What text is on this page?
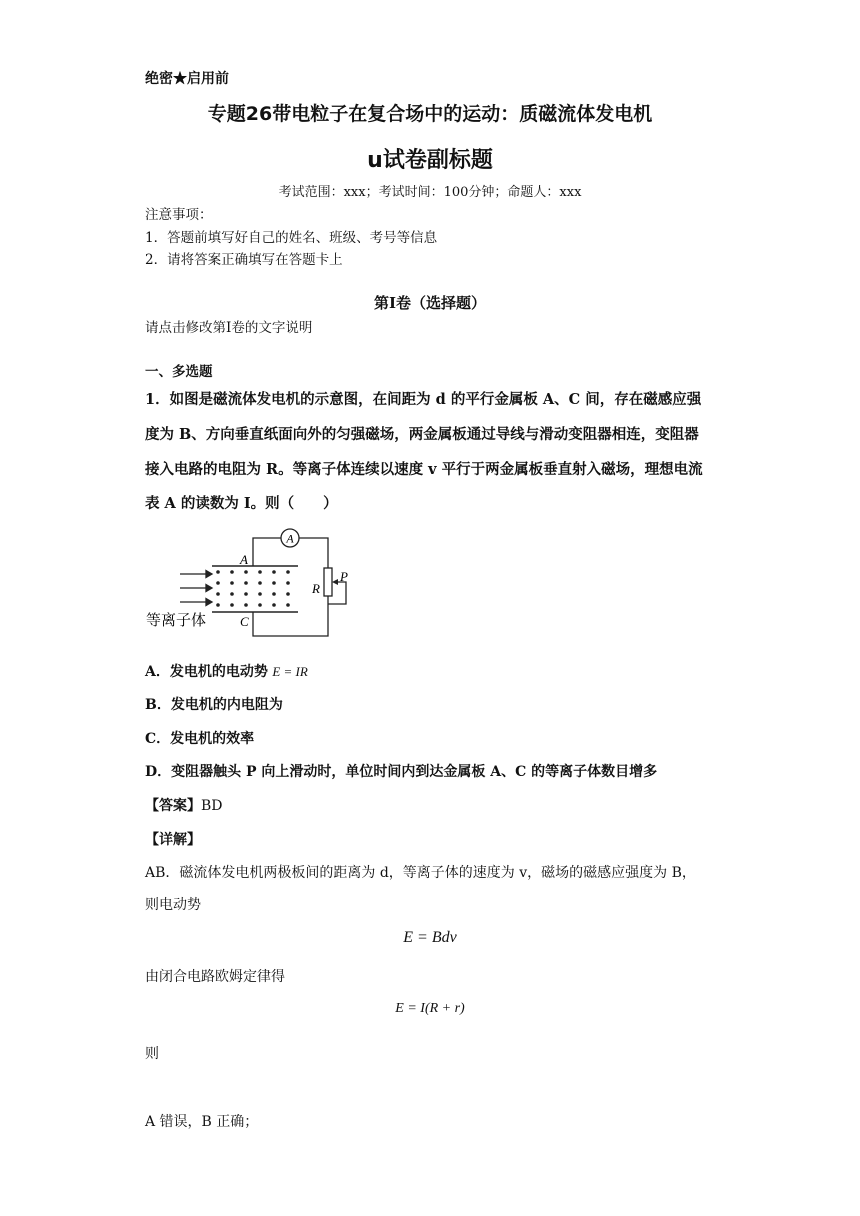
绝密★启用前
专题26带电粒子在复合场中的运动：质磁流体发电机
u试卷副标题
考试范围：xxx；考试时间：100分钟；命题人：xxx
注意事项：
1．答题前填写好自己的姓名、班级、考号等信息
2．请将答案正确填写在答题卡上
第I卷（选择题）
请点击修改第I卷的文字说明
一、多选题
1．如图是磁流体发电机的示意图，在间距为 d 的平行金属板 A、C 间，存在磁感应强
度为 B、方向垂直纸面向外的匀强磁场，两金属板通过导线与滑动变阻器相连，变阻器
接入电路的电阻为 R。等离子体连续以速度 v 平行于两金属板垂直射入磁场，理想电流
表 A 的读数为 I。则（　　）
A
A
C
R
P
等离子体
A．发电机的电动势 E = IR
B．发电机的内电阻为
C．发电机的效率
D．变阻器触头 P 向上滑动时，单位时间内到达金属板 A、C 的等离子体数目增多
【答案】BD
【详解】
AB．磁流体发电机两极板间的距离为 d，等离子体的速度为 v，磁场的磁感应强度为 B，
则电动势
E = Bdv
由闭合电路欧姆定律得
E = I(R + r)
则
A 错误，B 正确；
